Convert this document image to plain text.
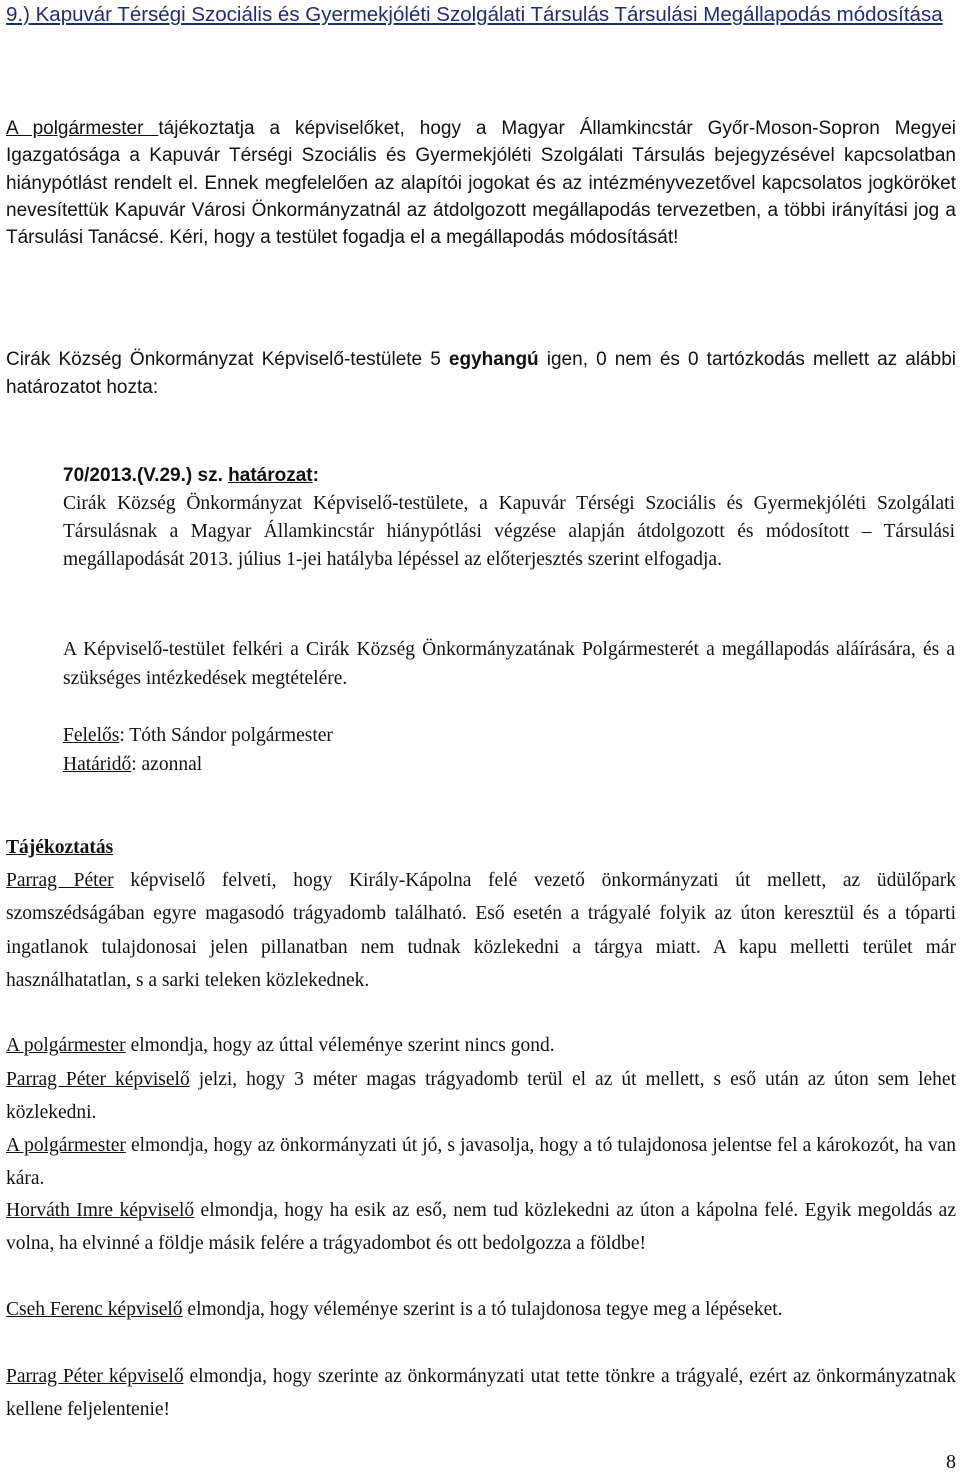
9.) Kapuvár Térségi Szociális és Gyermekjóléti Szolgálati Társulás Társulási Megállapodás módosítása

A polgármester tájékoztatja a képviselőket, hogy a Magyar Államkincstár Győr-Moson-Sopron Megyei Igazgatósága a Kapuvár Térségi Szociális és Gyermekjóléti Szolgálati Társulás bejegyzésével kapcsolatban hiánypótlást rendelt el. Ennek megfelelően az alapítói jogokat és az intézményvezetővel kapcsolatos jogköröket nevesítettük Kapuvár Városi Önkormányzatnál az átdolgozott megállapodás tervezetben, a többi irányítási jog a Társulási Tanácsé. Kéri, hogy a testület fogadja el a megállapodás módosítását!

Cirák Község Önkormányzat Képviselő-testülete 5 egyhangú igen, 0 nem és 0 tartózkodás mellett az alábbi határozatot hozta:

70/2013.(V.29.) sz. határozat:

Cirák Község Önkormányzat Képviselő-testülete, a Kapuvár Térségi Szociális és Gyermekjóléti Szolgálati Társulásnak a Magyar Államkincstár hiánypótlási végzése alapján átdolgozott és módosított – Társulási megállapodását 2013. július 1-jei hatályba lépéssel az előterjesztés szerint elfogadja.

A Képviselő-testület felkéri a Cirák Község Önkormányzatának Polgármesterét a megállapodás aláírására, és a szükséges intézkedések megtételére.

Felelős: Tóth Sándor polgármester

Határidő: azonnal

Tájékoztatás

Parrag Péter képviselő felveti, hogy Király-Kápolna felé vezető önkormányzati út mellett, az üdülőpark szomszédságában egyre magasodó trágyadomb található. Eső esetén a trágyalé folyik az úton keresztül és a tóparti ingatlanok tulajdonosai jelen pillanatban nem tudnak közlekedni a tárgya miatt. A kapu melletti terület már használhatatlan, s a sarki teleken közlekednek.

A polgármester elmondja, hogy az úttal véleménye szerint nincs gond.

Parrag Péter képviselő jelzi, hogy 3 méter magas trágyadomb terül el az út mellett, s eső után az úton sem lehet közlekedni.

A polgármester elmondja, hogy az önkormányzati út jó, s javasolja, hogy a tó tulajdonosa jelentse fel a károkozót, ha van kára.

Horváth Imre képviselő elmondja, hogy ha esik az eső, nem tud közlekedni az úton a kápolna felé. Egyik megoldás az volna, ha elvinné a földje másik felére a trágyadombot és ott bedolgozza a földbe!

Cseh Ferenc képviselő elmondja, hogy véleménye szerint is a tó tulajdonosa tegye meg a lépéseket.

Parrag Péter képviselő elmondja, hogy szerinte az önkormányzati utat tette tönkre a trágyalé, ezért az önkormányzatnak kellene feljelentenie!

8
